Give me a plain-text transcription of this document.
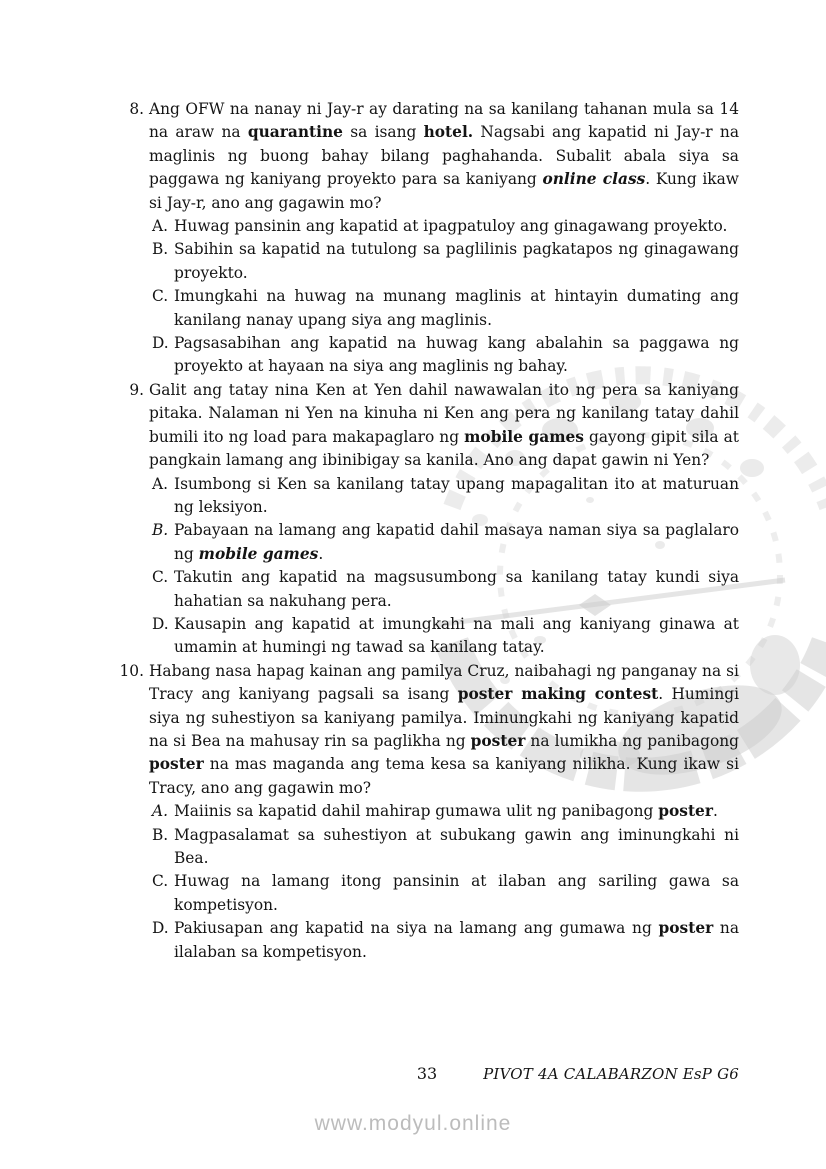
8. Ang OFW na nanay ni Jay-r ay darating na sa kanilang tahanan mula sa 14 na araw na quarantine sa isang hotel. Nagsabi ang kapatid ni Jay-r na maglinis ng buong bahay bilang paghahanda. Subalit abala siya sa paggawa ng kaniyang proyekto para sa kaniyang online class. Kung ikaw si Jay-r, ano ang gagawin mo?
A. Huwag pansinin ang kapatid at ipagpatuloy ang ginagawang proyekto.
B. Sabihin sa kapatid na tutulong sa paglilinis pagkatapos ng ginagawang proyekto.
C. Imungkahi na huwag na munang maglinis at hintayin dumating ang kanilang nanay upang siya ang maglinis.
D. Pagsasabihan ang kapatid na huwag kang abalahin sa paggawa ng proyekto at hayaan na siya ang maglinis ng bahay.
9. Galit ang tatay nina Ken at Yen dahil nawawalan ito ng pera sa kaniyang pitaka. Nalaman ni Yen na kinuha ni Ken ang pera ng kanilang tatay dahil bumili ito ng load para makapaglaro ng mobile games gayong gipit sila at pangkain lamang ang ibinibigay sa kanila. Ano ang dapat gawin ni Yen?
A. Isumbong si Ken sa kanilang tatay upang mapagalitan ito at maturuan ng leksiyon.
B. Pabayaan na lamang ang kapatid dahil masaya naman siya sa paglalaro ng mobile games.
C. Takutin ang kapatid na magsusumbong sa kanilang tatay kundi siya hahatian sa nakuhang pera.
D. Kausapin ang kapatid at imungkahi na mali ang kaniyang ginawa at umamin at humingi ng tawad sa kanilang tatay.
10. Habang nasa hapag kainan ang pamilya Cruz, naibahagi ng panganay na si Tracy ang kaniyang pagsali sa isang poster making contest. Humingi siya ng suhestiyon sa kaniyang pamilya. Iminungkahi ng kaniyang kapatid na si Bea na mahusay rin sa paglikha ng poster na lumikha ng panibagong poster na mas maganda ang tema kesa sa kaniyang nilikha. Kung ikaw si Tracy, ano ang gagawin mo?
A. Maiinis sa kapatid dahil mahirap gumawa ulit ng panibagong poster.
B. Magpasalamat sa suhestiyon at subukang gawin ang iminungkahi ni Bea.
C. Huwag na lamang itong pansinin at ilaban ang sariling gawa sa kompetisyon.
D. Pakiusapan ang kapatid na siya na lamang ang gumawa ng poster na ilalaban sa kompetisyon.
33	PIVOT 4A CALABARZON EsP G6
www.modyul.online
